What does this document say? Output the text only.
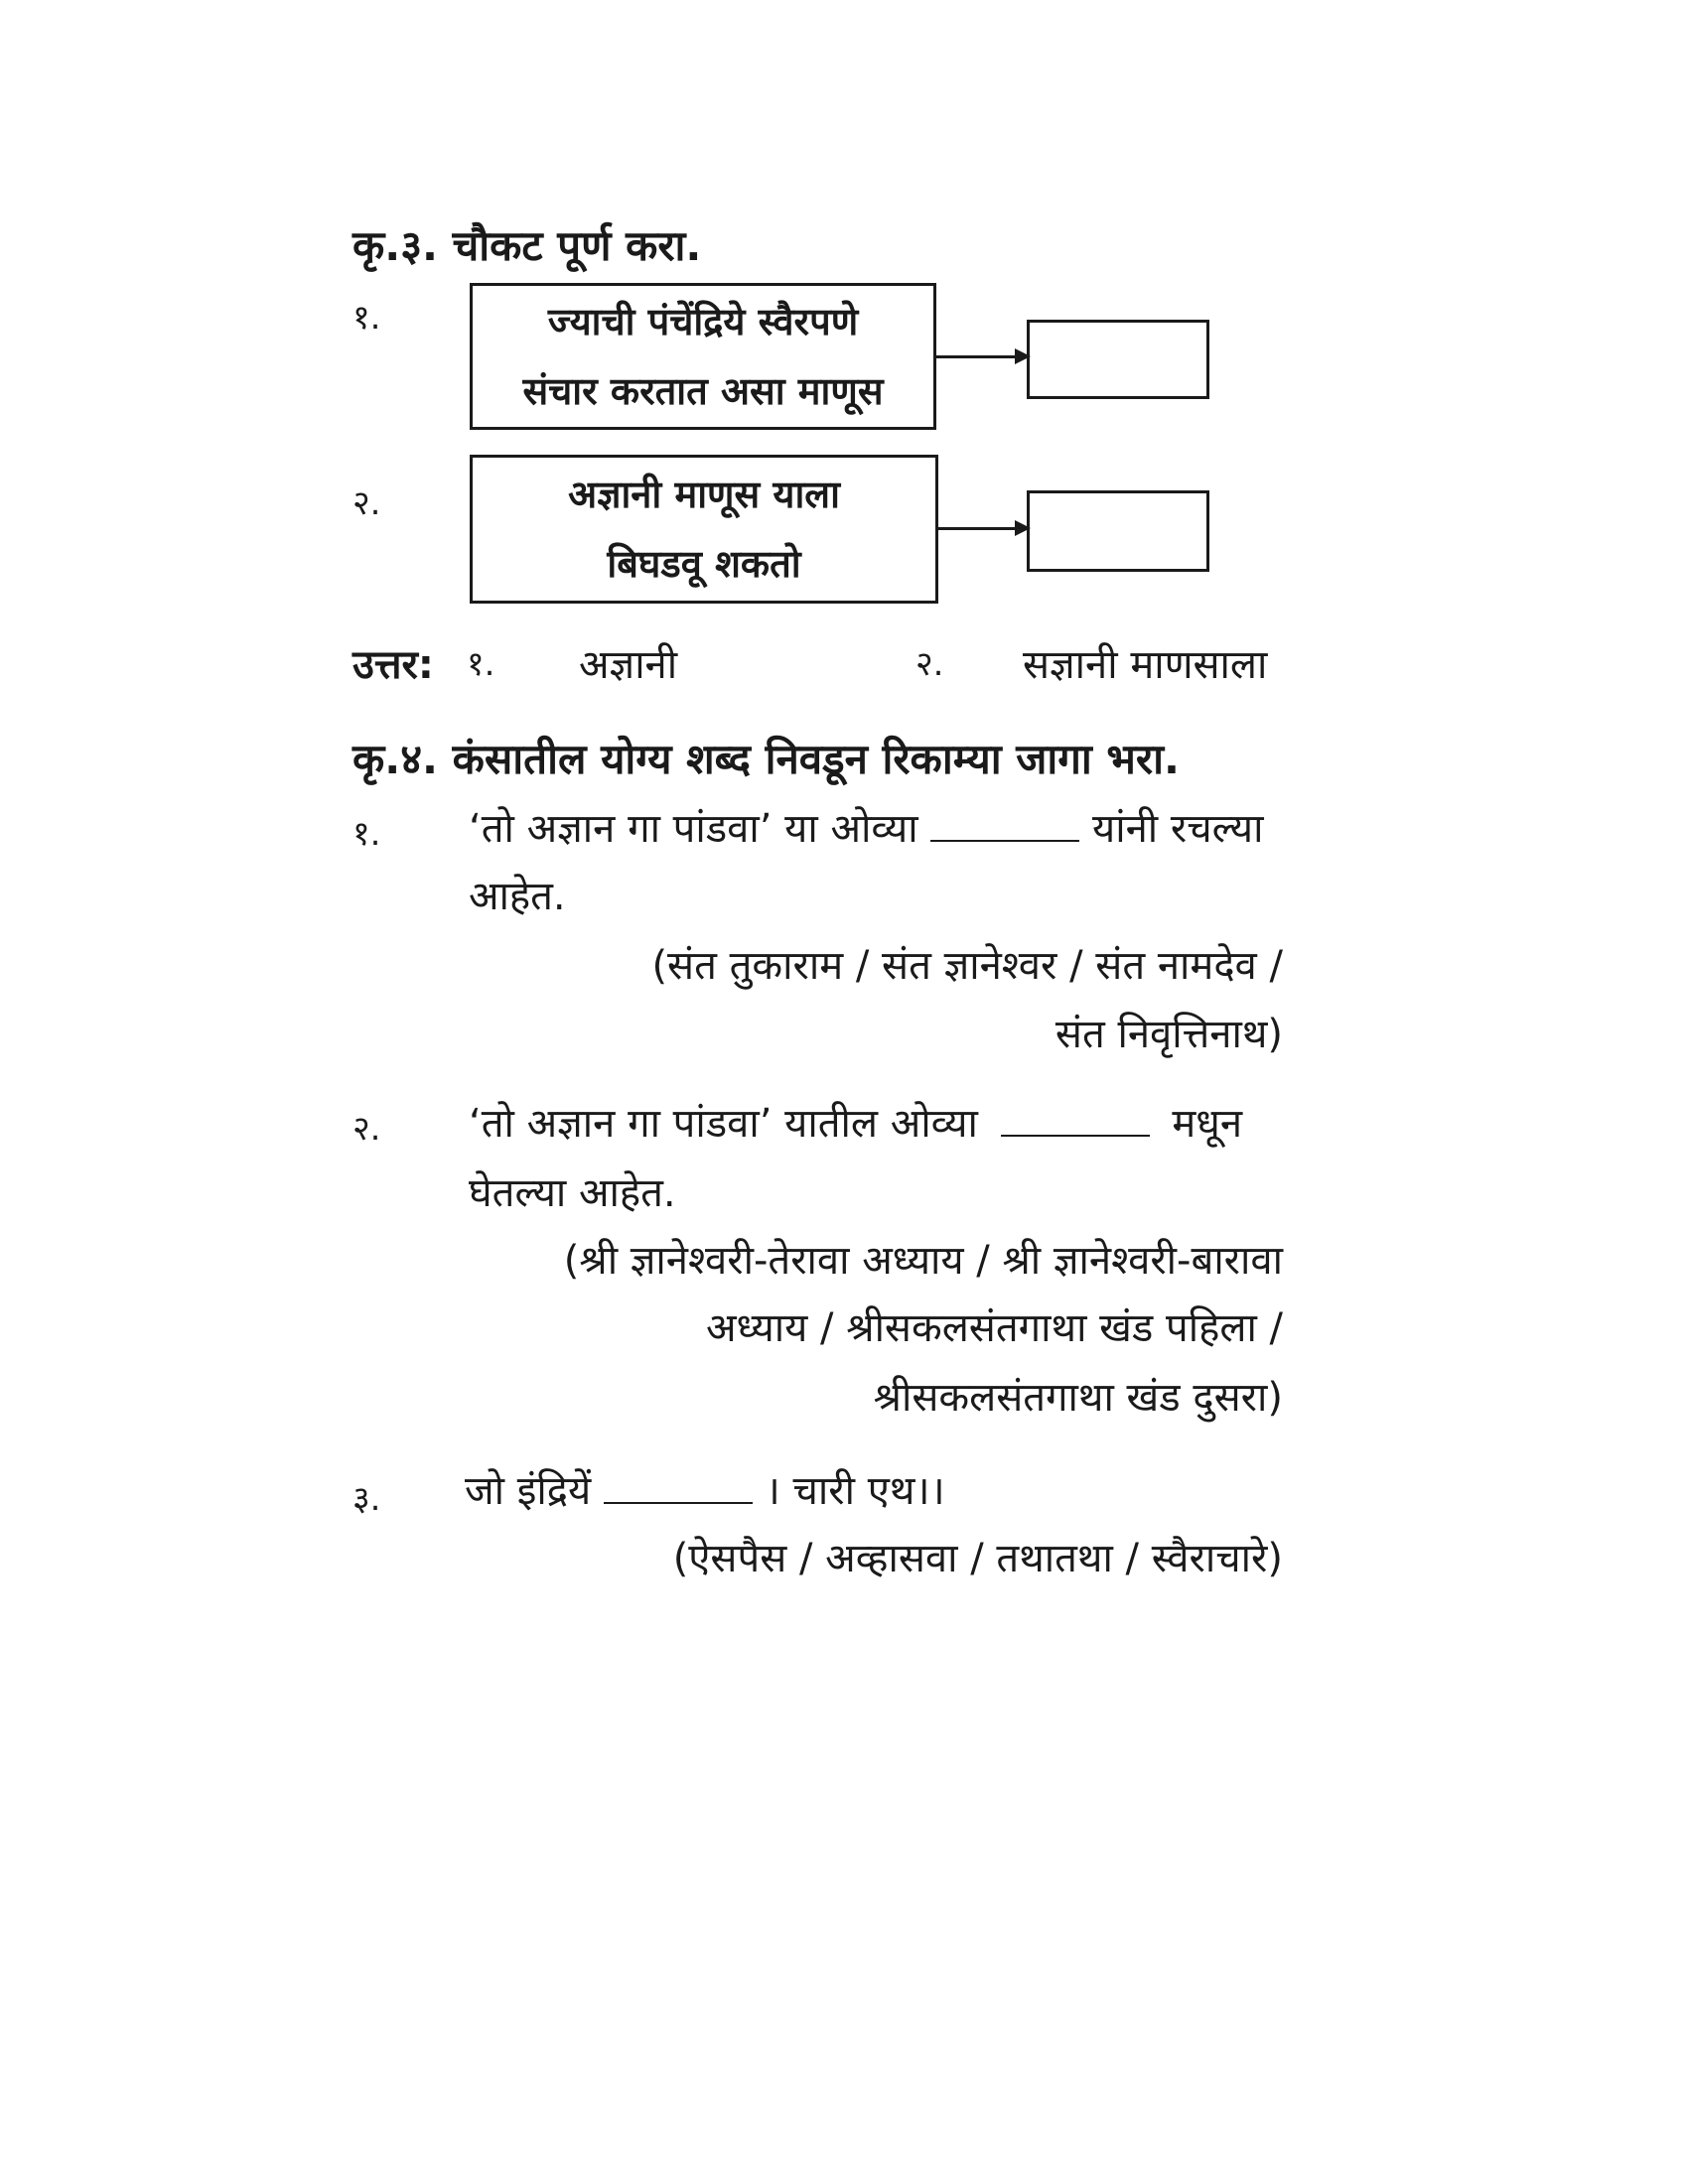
कृ.३. चौकट पूर्ण करा.
१.	ज्याची पंचेंद्रिये स्वैरपणे
संचार करतात असा माणूस
२.	अज्ञानी माणूस याला
बिघडवू शकतो
उत्तर: १. अज्ञानी	२. सज्ञानी माणसाला
कृ.४. कंसातील योग्य शब्द निवडून रिकाम्या जागा भरा.
१. ‘तो अज्ञान गा पांडवा’ या ओव्या	यांनी रचल्या
आहेत.
(संत तुकाराम / संत ज्ञानेश्वर / संत नामदेव /
संत निवृत्तिनाथ)
२. ‘तो अज्ञान गा पांडवा’ यातील ओव्या	मधून
घेतल्या आहेत.
(श्री ज्ञानेश्वरी-तेरावा अध्याय / श्री ज्ञानेश्वरी-बारावा
अध्याय / श्रीसकलसंतगाथा खंड पहिला /
श्रीसकलसंतगाथा खंड दुसरा)
३. जो इंद्रियें	। चारी एथ।।
(ऐसपैस / अव्हासवा / तथातथा / स्वैराचारे)
